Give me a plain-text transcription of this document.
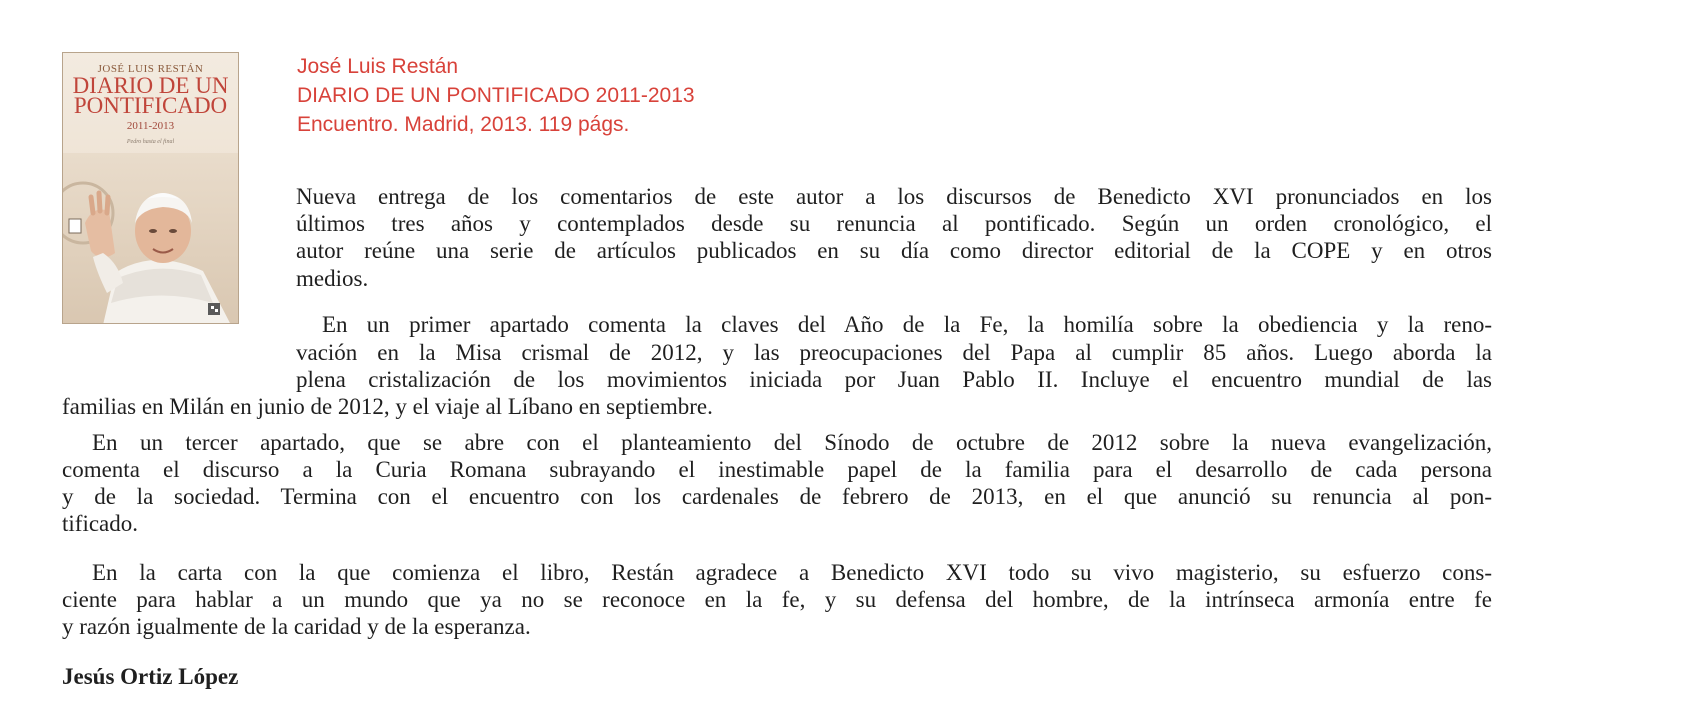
JOSÉ LUIS RESTÁN
DIARIO DE UN
PONTIFICADO
2011-2013
Pedro hasta el final
José Luis Restán
DIARIO DE UN PONTIFICADO 2011-2013
Encuentro. Madrid, 2013. 119 págs.
Nueva entrega de los comentarios de este autor a los discursos de Benedicto XVI pronunciados en los
últimos tres años y contemplados desde su renuncia al pontificado. Según un orden cronológico, el
autor reúne una serie de artículos publicados en su día como director editorial de la COPE y en otros
medios.
En un primer apartado comenta la claves del Año de la Fe, la homilía sobre la obediencia y la reno-
vación en la Misa crismal de 2012, y las preocupaciones del Papa al cumplir 85 años. Luego aborda la
plena cristalización de los movimientos iniciada por Juan Pablo II. Incluye el encuentro mundial de las
familias en Milán en junio de 2012, y el viaje al Líbano en septiembre.
En un tercer apartado, que se abre con el planteamiento del Sínodo de octubre de 2012 sobre la nueva evangelización,
comenta el discurso a la Curia Romana subrayando el inestimable papel de la familia para el desarrollo de cada persona
y de la sociedad. Termina con el encuentro con los cardenales de febrero de 2013, en el que anunció su renuncia al pon-
tificado.
En la carta con la que comienza el libro, Restán agradece a Benedicto XVI todo su vivo magisterio, su esfuerzo cons-
ciente para hablar a un mundo que ya no se reconoce en la fe, y su defensa del hombre, de la intrínseca armonía entre fe
y razón igualmente de la caridad y de la esperanza.
Jesús Ortiz López
